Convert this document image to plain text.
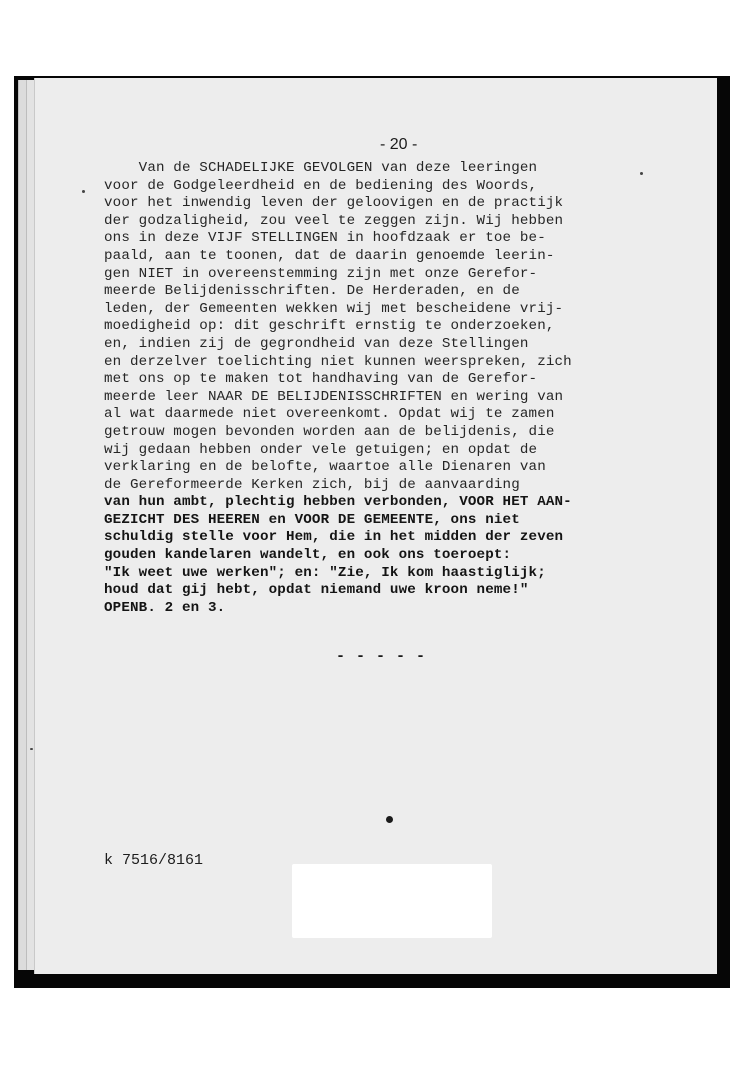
- 20 -
Van de SCHADELIJKE GEVOLGEN van deze leeringen
voor de Godgeleerdheid en de bediening des Woords,
voor het inwendig leven der geloovigen en de practijk
der godzaligheid, zou veel te zeggen zijn. Wij hebben
ons in deze VIJF STELLINGEN in hoofdzaak er toe be-
paald, aan te toonen, dat de daarin genoemde leerin-
gen NIET in overeenstemming zijn met onze Gerefor-
meerde Belijdenisschriften. De Herderaden, en de
leden, der Gemeenten wekken wij met bescheidene vrij-
moedigheid op: dit geschrift ernstig te onderzoeken,
en, indien zij de gegrondheid van deze Stellingen
en derzelver toelichting niet kunnen weerspreken, zich
met ons op te maken tot handhaving van de Gerefor-
meerde leer NAAR DE BELIJDENISSCHRIFTEN en wering van
al wat daarmede niet overeenkomt. Opdat wij te zamen
getrouw mogen bevonden worden aan de belijdenis, die
wij gedaan hebben onder vele getuigen; en opdat de
verklaring en de belofte, waartoe alle Dienaren van
de Gereformeerde Kerken zich, bij de aanvaarding
van hun ambt, plechtig hebben verbonden, VOOR HET AAN-
GEZICHT DES HEEREN en VOOR DE GEMEENTE, ons niet
schuldig stelle voor Hem, die in het midden der zeven
gouden kandelaren wandelt, en ook ons toeroept:
"Ik weet uwe werken"; en: "Zie, Ik kom haastiglijk;
houd dat gij hebt, opdat niemand uwe kroon neme!"
OPENB. 2 en 3.
- - - - -
k 7516/8161
